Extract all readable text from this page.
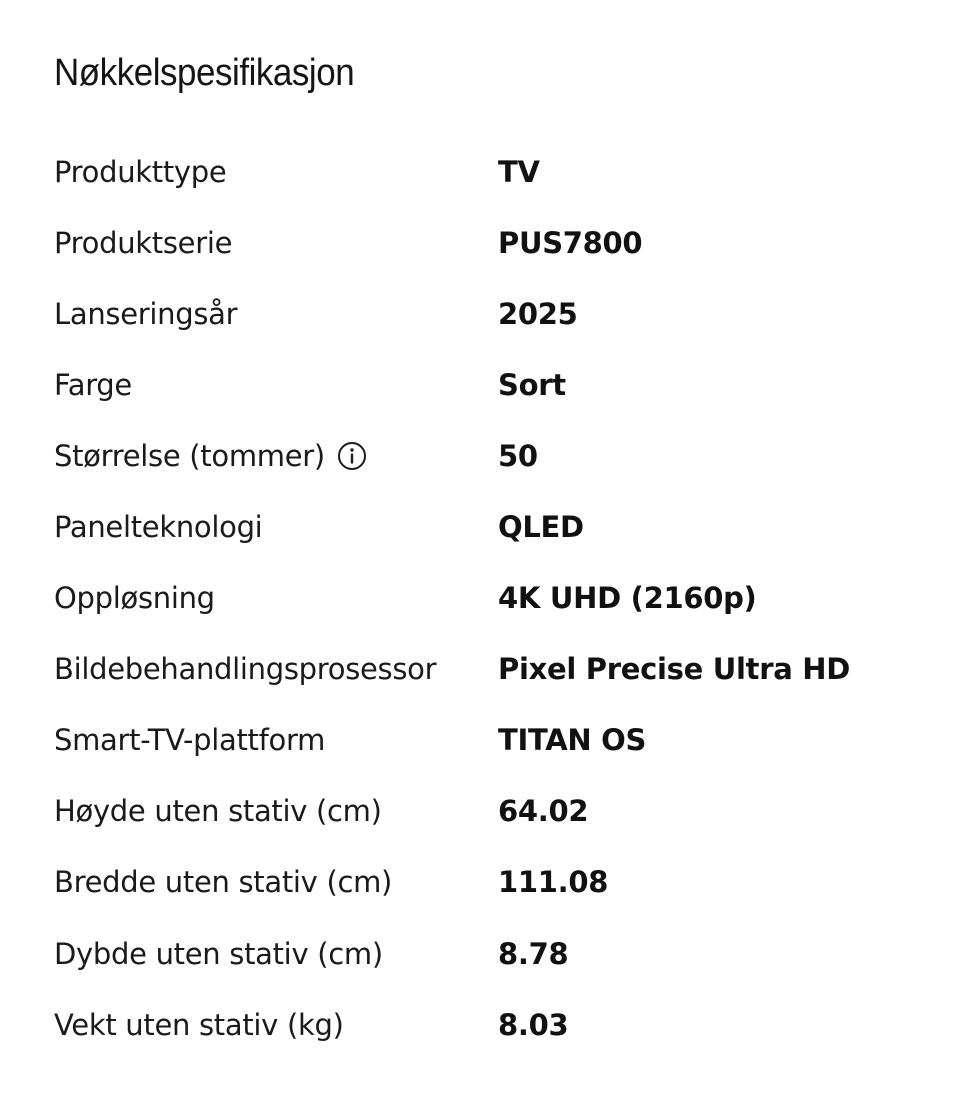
Nøkkelspesifikasjon
Produkttype	TV
Produktserie	PUS7800
Lanseringsår	2025
Farge	Sort
Størrelse (tommer)	50
Panelteknologi	QLED
Oppløsning	4K UHD (2160p)
Bildebehandlingsprosessor	Pixel Precise Ultra HD
Smart-TV-plattform	TITAN OS
Høyde uten stativ (cm)	64.02
Bredde uten stativ (cm)	111.08
Dybde uten stativ (cm)	8.78
Vekt uten stativ (kg)	8.03
